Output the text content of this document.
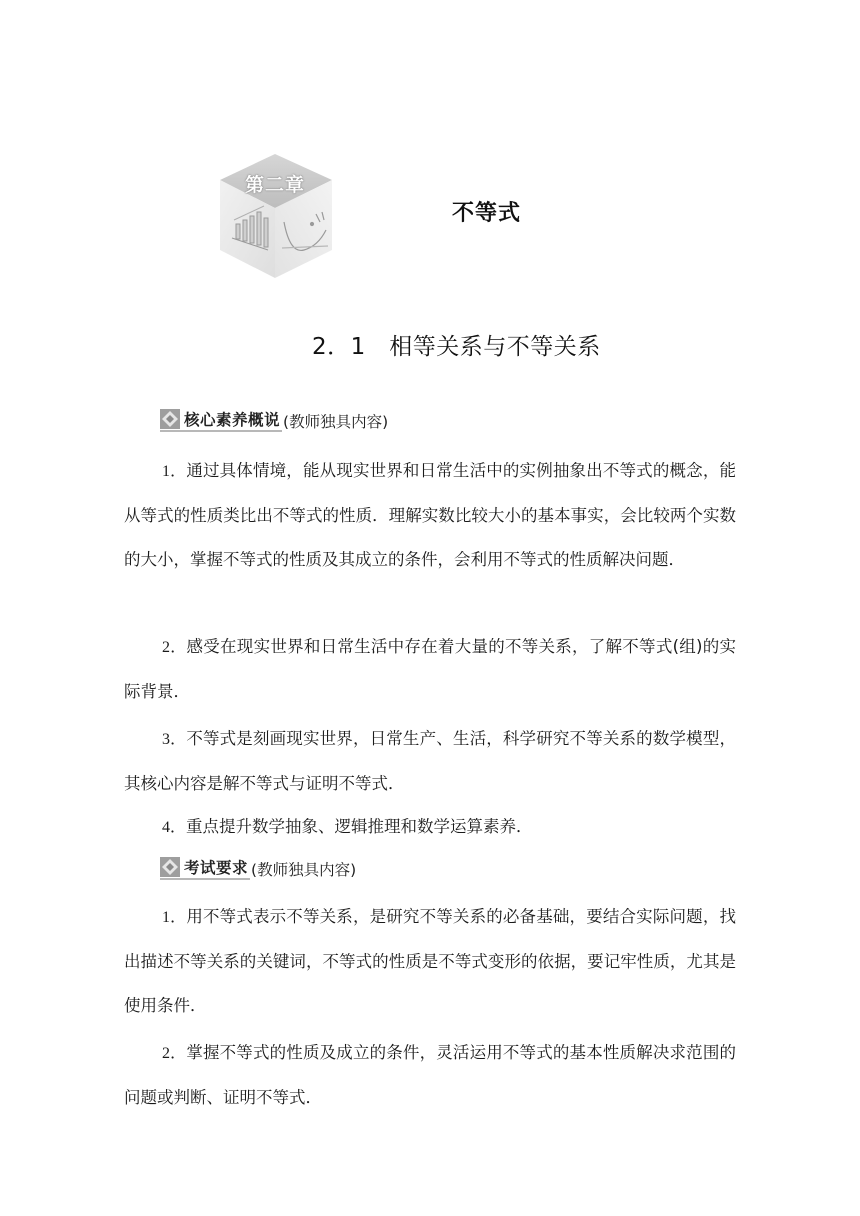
第二章
不等式
2．1　相等关系与不等关系
核心素养概说 (教师独具内容)

1．通过具体情境，能从现实世界和日常生活中的实例抽象出不等式的概念，能从等式的性质类比出不等式的性质．理解实数比较大小的基本事实，会比较两个实数的大小，掌握不等式的性质及其成立的条件，会利用不等式的性质解决问题．

2．感受在现实世界和日常生活中存在着大量的不等关系，了解不等式(组)的实际背景．

3．不等式是刻画现实世界，日常生产、生活，科学研究不等关系的数学模型，其核心内容是解不等式与证明不等式．

4．重点提升数学抽象、逻辑推理和数学运算素养．

考试要求 (教师独具内容)

1．用不等式表示不等关系，是研究不等关系的必备基础，要结合实际问题，找出描述不等关系的关键词，不等式的性质是不等式变形的依据，要记牢性质，尤其是使用条件．

2．掌握不等式的性质及成立的条件，灵活运用不等式的基本性质解决求范围的问题或判断、证明不等式．
